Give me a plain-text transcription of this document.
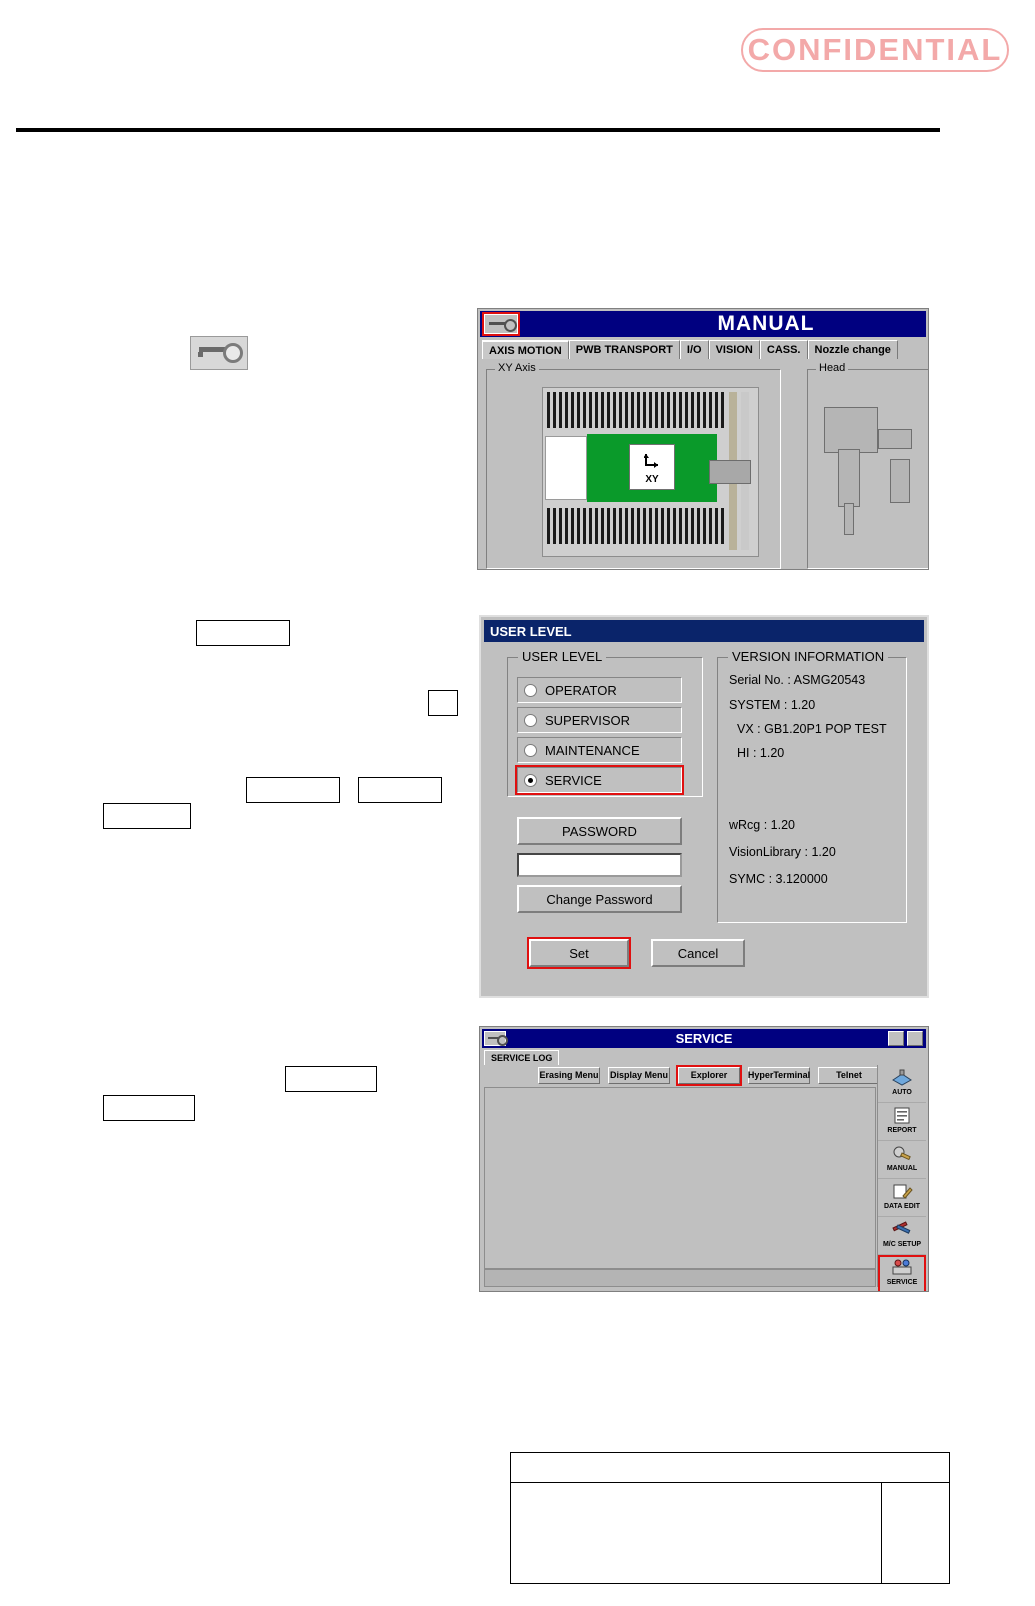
CONFIDENTIAL
MANUAL
AXIS MOTION	PWB TRANSPORT	I/O	VISION	CASS.	Nozzle change
XY Axis	Head
XY
USER LEVEL
USER LEVEL
OPERATOR
SUPERVISOR
MAINTENANCE
SERVICE
PASSWORD
Change Password
Set	Cancel
VERSION INFORMATION
Serial No. : ASMG20543
SYSTEM : 1.20
VX : GB1.20P1 POP TEST
HI : 1.20
wRcg : 1.20
VisionLibrary : 1.20
SYMC : 3.120000
SERVICE
SERVICE LOG
Erasing Menu Display Menu	Explorer HyperTerminal	Telnet
AUTO
REPORT
MANUAL
DATA EDIT
M/C SETUP
SERVICE
